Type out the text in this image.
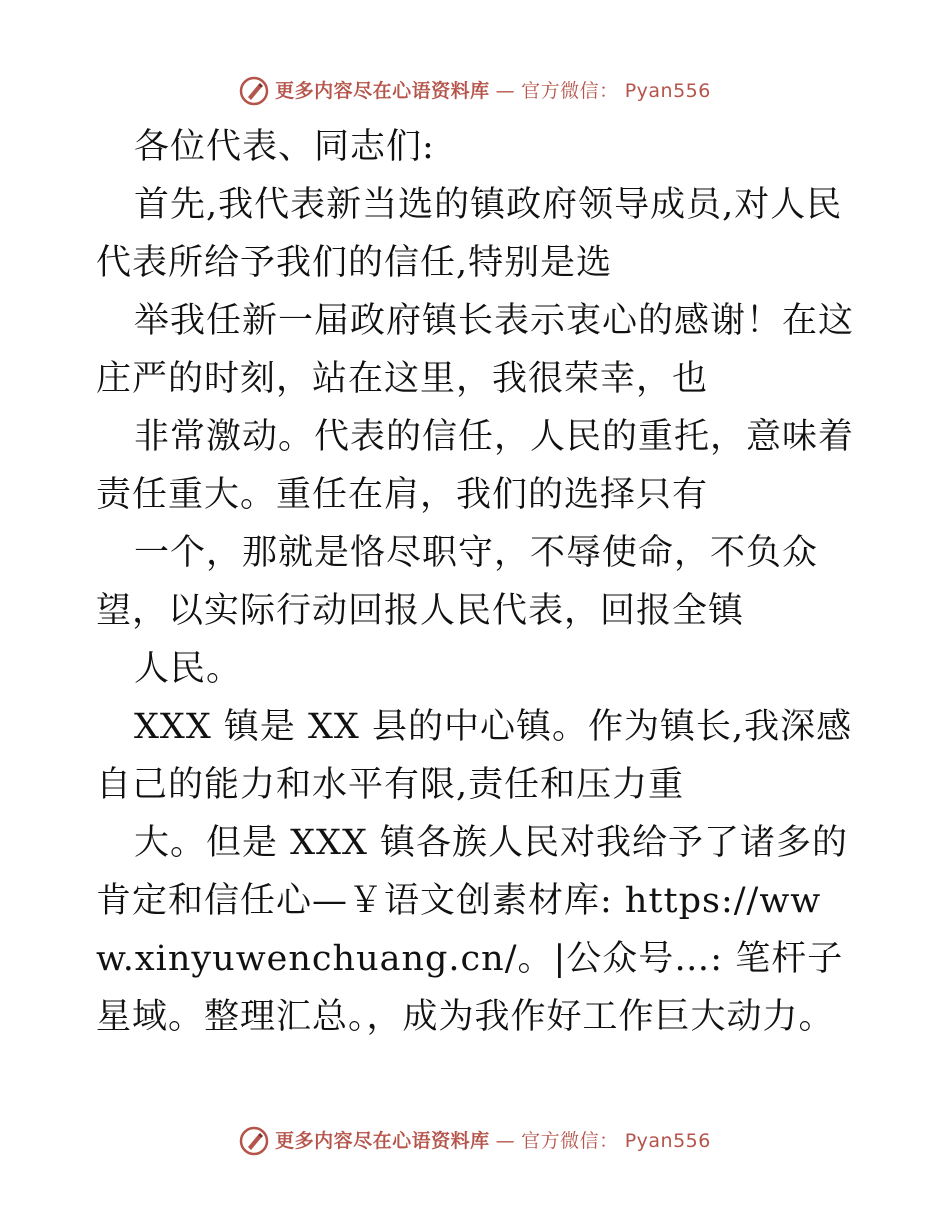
更多内容尽在心语资料库 — 官方微信： Pyan556

各位代表、同志们:

首先,我代表新当选的镇政府领导成员,对人民代表所给予我们的信任,特别是选

举我任新一届政府镇长表示衷心的感谢！在这庄严的时刻，站在这里，我很荣幸，也

非常激动。代表的信任，人民的重托，意味着责任重大。重任在肩，我们的选择只有

一个，那就是恪尽职守，不辱使命，不负众望，以实际行动回报人民代表，回报全镇

人民。

XXX 镇是 XX 县的中心镇。作为镇长,我深感自己的能力和水平有限,责任和压力重

大。但是 XXX 镇各族人民对我给予了诸多的肯定和信任心—￥语文创素材库: https://www.xinyuwenchuang.cn/。|公众号…: 笔杆子星域。整理汇总。，成为我作好工作巨大动力。

更多内容尽在心语资料库 — 官方微信： Pyan556
